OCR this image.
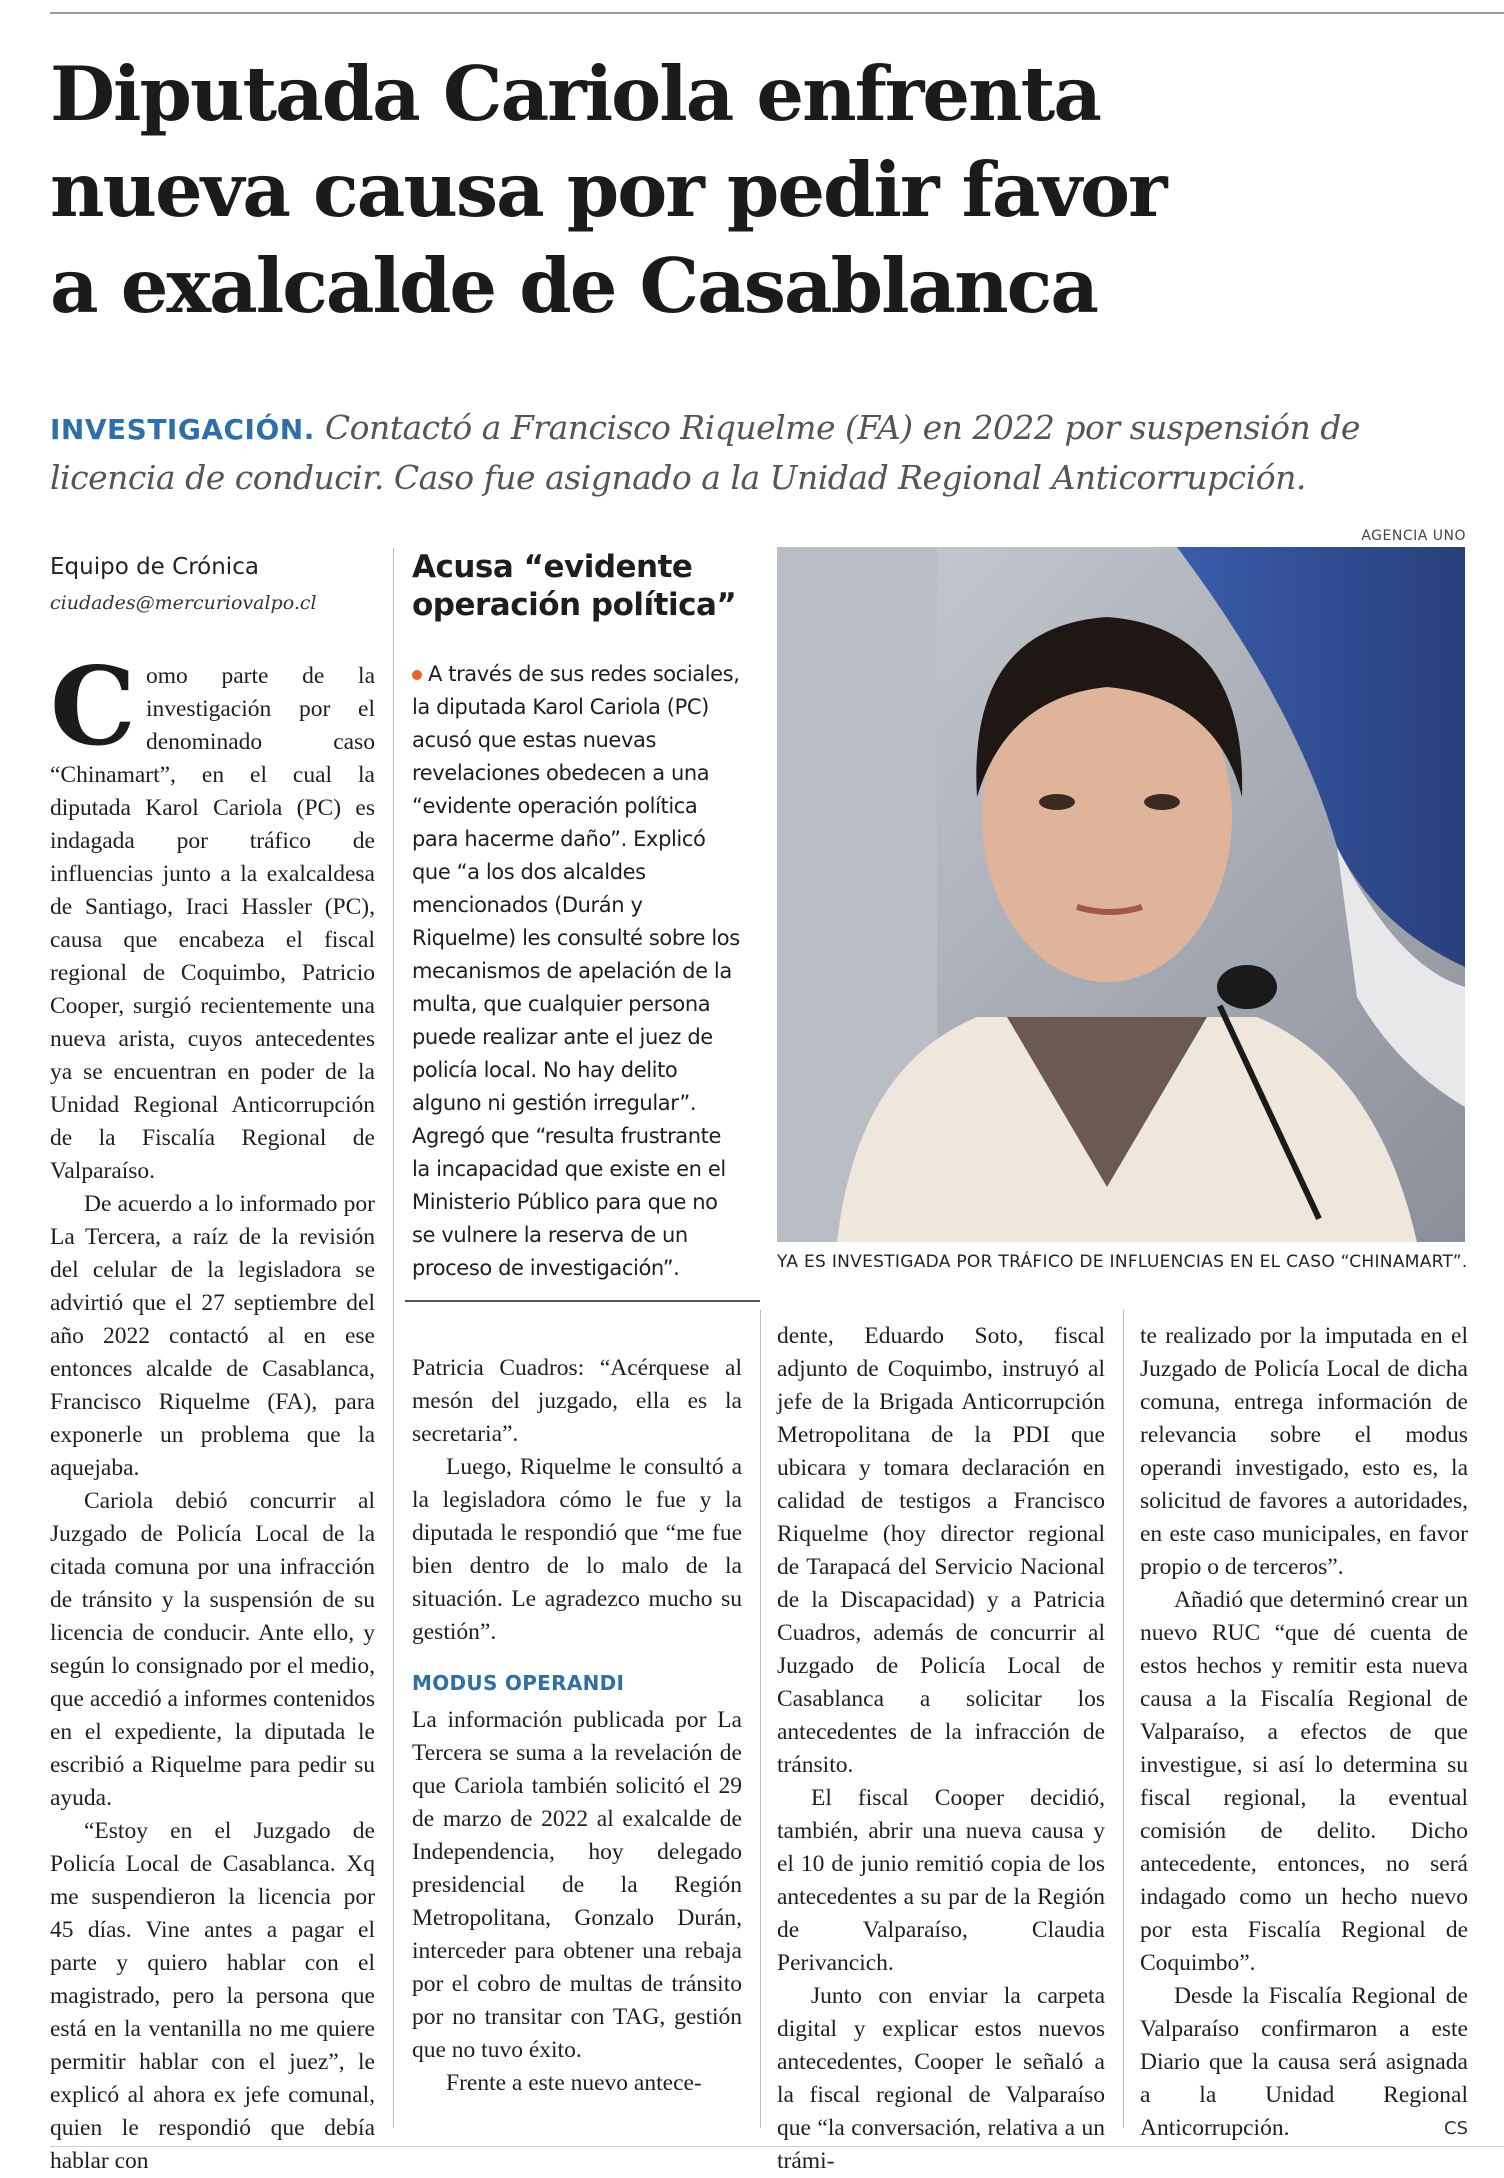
Diputada Cariola enfrenta
nueva causa por pedir favor
a exalcalde de Casablanca

INVESTIGACIÓN. Contactó a Francisco Riquelme (FA) en 2022 por suspensión de licencia de conducir. Caso fue asignado a la Unidad Regional Anticorrupción.

Equipo de Crónica
ciudades@mercuriovalpo.cl

Como parte de la investigación por el denominado caso “Chinamart”, en el cual la diputada Karol Cariola (PC) es indagada por tráfico de influencias junto a la exalcaldesa de Santiago, Iraci Hassler (PC), causa que encabeza el fiscal regional de Coquimbo, Patricio Cooper, surgió recientemente una nueva arista, cuyos antecedentes ya se encuentran en poder de la Unidad Regional Anticorrupción de la Fiscalía Regional de Valparaíso.

De acuerdo a lo informado por La Tercera, a raíz de la revisión del celular de la legisladora se advirtió que el 27 septiembre del año 2022 contactó al en ese entonces alcalde de Casablanca, Francisco Riquelme (FA), para exponerle un problema que la aquejaba.

Cariola debió concurrir al Juzgado de Policía Local de la citada comuna por una infracción de tránsito y la suspensión de su licencia de conducir. Ante ello, y según lo consignado por el medio, que accedió a informes contenidos en el expediente, la diputada le escribió a Riquelme para pedir su ayuda.

“Estoy en el Juzgado de Policía Local de Casablanca. Xq me suspendieron la licencia por 45 días. Vine antes a pagar el parte y quiero hablar con el magistrado, pero la persona que está en la ventanilla no me quiere permitir hablar con el juez”, le explicó al ahora ex jefe comunal, quien le respondió que debía hablar con

Acusa “evidente operación política”

A través de sus redes sociales, la diputada Karol Cariola (PC) acusó que estas nuevas revelaciones obedecen a una “evidente operación política para hacerme daño”. Explicó que “a los dos alcaldes mencionados (Durán y Riquelme) les consulté sobre los mecanismos de apelación de la multa, que cualquier persona puede realizar ante el juez de policía local. No hay delito alguno ni gestión irregular”. Agregó que “resulta frustrante la incapacidad que existe en el Ministerio Público para que no se vulnere la reserva de un proceso de investigación”.

Patricia Cuadros: “Acérquese al mesón del juzgado, ella es la secretaria”.

Luego, Riquelme le consultó a la legisladora cómo le fue y la diputada le respondió que “me fue bien dentro de lo malo de la situación. Le agradezco mucho su gestión”.

MODUS OPERANDI

La información publicada por La Tercera se suma a la revelación de que Cariola también solicitó el 29 de marzo de 2022 al exalcalde de Independencia, hoy delegado presidencial de la Región Metropolitana, Gonzalo Durán, interceder para obtener una rebaja por el cobro de multas de tránsito por no transitar con TAG, gestión que no tuvo éxito.

Frente a este nuevo antece-

AGENCIA UNO
YA ES INVESTIGADA POR TRÁFICO DE INFLUENCIAS EN EL CASO “CHINAMART”.

dente, Eduardo Soto, fiscal adjunto de Coquimbo, instruyó al jefe de la Brigada Anticorrupción Metropolitana de la PDI que ubicara y tomara declaración en calidad de testigos a Francisco Riquelme (hoy director regional de Tarapacá del Servicio Nacional de la Discapacidad) y a Patricia Cuadros, además de concurrir al Juzgado de Policía Local de Casablanca a solicitar los antecedentes de la infracción de tránsito.

El fiscal Cooper decidió, también, abrir una nueva causa y el 10 de junio remitió copia de los antecedentes a su par de la Región de Valparaíso, Claudia Perivancich.

Junto con enviar la carpeta digital y explicar estos nuevos antecedentes, Cooper le señaló a la fiscal regional de Valparaíso que “la conversación, relativa a un trámi-

te realizado por la imputada en el Juzgado de Policía Local de dicha comuna, entrega información de relevancia sobre el modus operandi investigado, esto es, la solicitud de favores a autoridades, en este caso municipales, en favor propio o de terceros”.

Añadió que determinó crear un nuevo RUC “que dé cuenta de estos hechos y remitir esta nueva causa a la Fiscalía Regional de Valparaíso, a efectos de que investigue, si así lo determina su fiscal regional, la eventual comisión de delito. Dicho antecedente, entonces, no será indagado como un hecho nuevo por esta Fiscalía Regional de Coquimbo”.

Desde la Fiscalía Regional de Valparaíso confirmaron a este Diario que la causa será asignada a la Unidad Regional Anticorrupción.	CS
